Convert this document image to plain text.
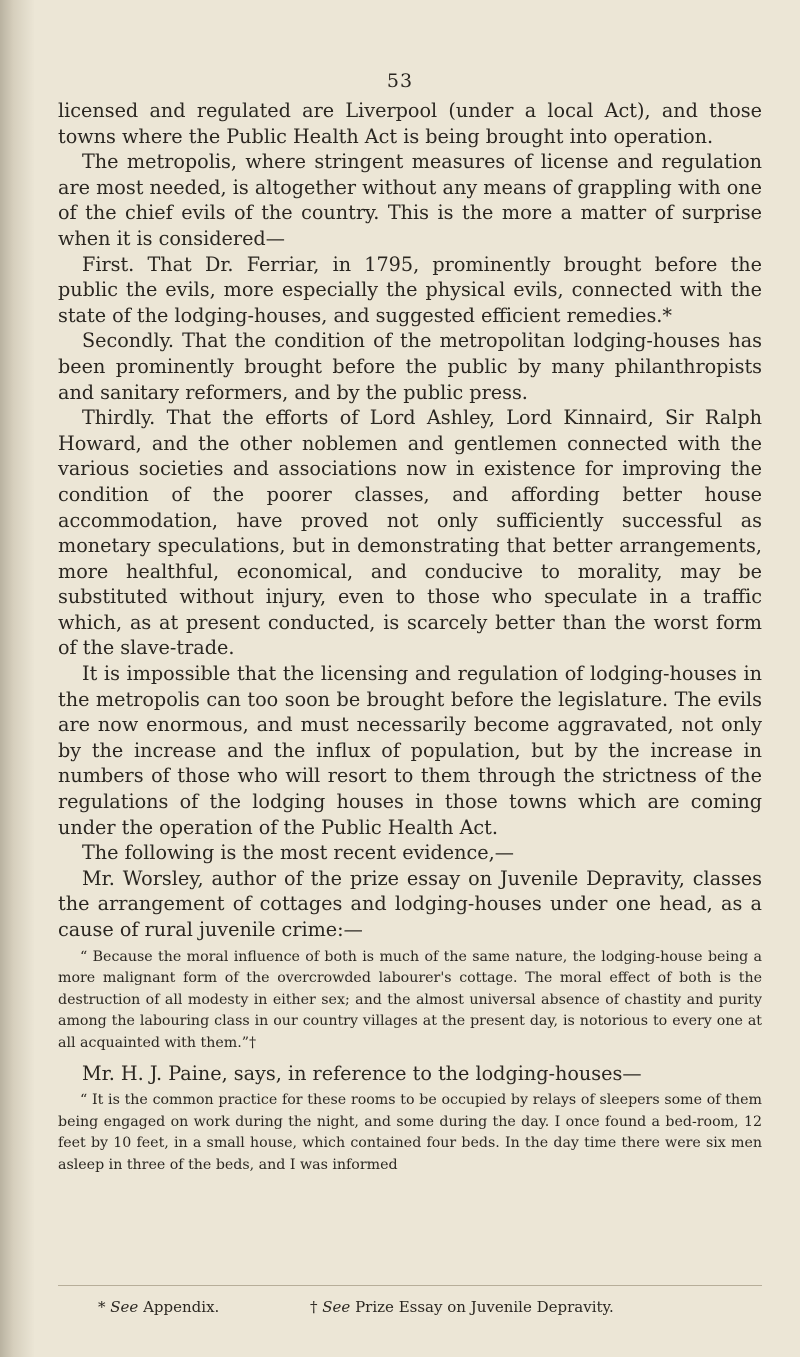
53

licensed and regulated are Liverpool (under a local Act), and those towns where the Public Health Act is being brought into operation.

The metropolis, where stringent measures of license and regulation are most needed, is altogether without any means of grappling with one of the chief evils of the country. This is the more a matter of surprise when it is considered—

First. That Dr. Ferriar, in 1795, prominently brought before the public the evils, more especially the physical evils, connected with the state of the lodging-houses, and suggested efficient remedies.*

Secondly. That the condition of the metropolitan lodging-houses has been prominently brought before the public by many philanthropists and sanitary reformers, and by the public press.

Thirdly. That the efforts of Lord Ashley, Lord Kinnaird, Sir Ralph Howard, and the other noblemen and gentlemen connected with the various societies and associations now in existence for improving the condition of the poorer classes, and affording better house accommodation, have proved not only sufficiently successful as monetary speculations, but in demonstrating that better arrangements, more healthful, economical, and conducive to morality, may be substituted without injury, even to those who speculate in a traffic which, as at present conducted, is scarcely better than the worst form of the slave-trade.

It is impossible that the licensing and regulation of lodging-houses in the metropolis can too soon be brought before the legislature. The evils are now enormous, and must necessarily become aggravated, not only by the increase and the influx of population, but by the increase in numbers of those who will resort to them through the strictness of the regulations of the lodging houses in those towns which are coming under the operation of the Public Health Act.

The following is the most recent evidence,—

Mr. Worsley, author of the prize essay on Juvenile Depravity, classes the arrangement of cottages and lodging-houses under one head, as a cause of rural juvenile crime:—

“ Because the moral influence of both is much of the same nature, the lodging-house being a more malignant form of the overcrowded labourer's cottage. The moral effect of both is the destruction of all modesty in either sex; and the almost universal absence of chastity and purity among the labouring class in our country villages at the present day, is notorious to every one at all acquainted with them.”†

Mr. H. J. Paine, says, in reference to the lodging-houses—

“ It is the common practice for these rooms to be occupied by relays of sleepers some of them being engaged on work during the night, and some during the day. I once found a bed-room, 12 feet by 10 feet, in a small house, which contained four beds. In the day time there were six men asleep in three of the beds, and I was informed

* See Appendix.	† See Prize Essay on Juvenile Depravity.
